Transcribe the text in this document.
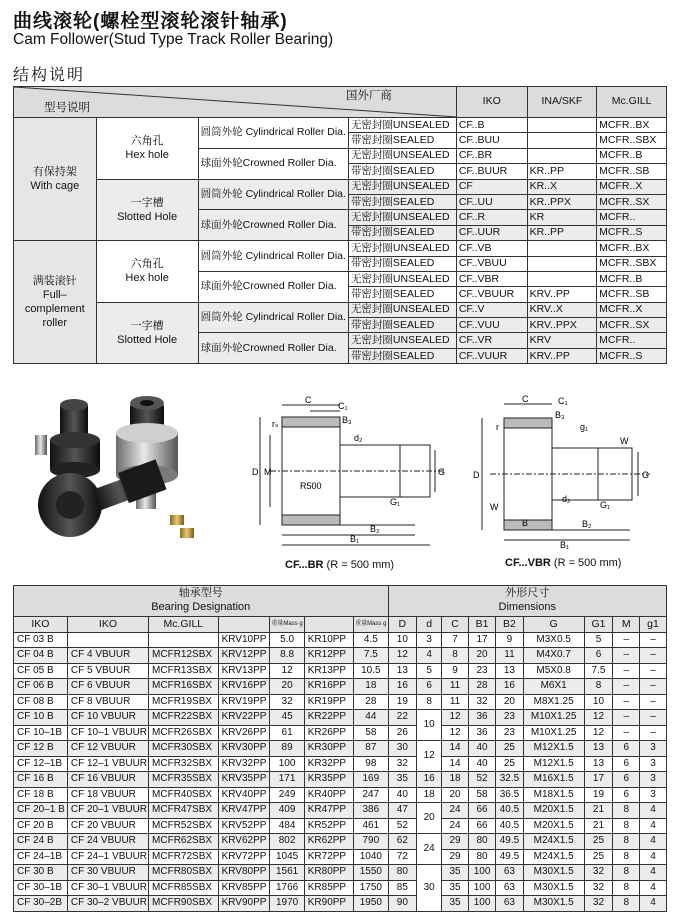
曲线滚轮(螺栓型滚轮滚针轴承)
Cam Follower(Stud Type Track Roller Bearing)
结构说明
型号说明
国外厂商				IKO	INA/SKF	Mc.GILL
有保持架
With cage	六角孔
Hex hole	圆筒外轮 Cylindrical Roller Dia.	无密封圈UNSEALED	CF..B		MCFR..BX
			带密封圈SEALED	CF..BUU		MCFR..SBX
		球面外轮Crowned Roller Dia.	无密封圈UNSEALED	CF..BR		MCFR..B
			带密封圈SEALED	CF..BUUR	KR..PP	MCFR..SB
	一字槽
Slotted Hole	圆筒外轮 Cylindrical Roller Dia.	无密封圈UNSEALED	CF	KR..X	MCFR..X
			带密封圈SEALED	CF..UU	KR..PPX	MCFR..SX
		球面外轮Crowned Roller Dia.	无密封圈UNSEALED	CF..R	KR	MCFR..
			带密封圈SEALED	CF..UUR	KR..PP	MCFR..S
满装滚针
Full–
complement
roller	六角孔
Hex hole	圆筒外轮 Cylindrical Roller Dia.	无密封圈UNSEALED	CF..VB		MCFR..BX
			带密封圈SEALED	CF..VBUU		MCFR..SBX
		球面外轮Crowned Roller Dia.	无密封圈UNSEALED	CF..VBR		MCFR..B
			带密封圈SEALED	CF..VBUUR	KRV..PP	MCFR..SB
	一字槽
Slotted Hole	圆筒外轮 Cylindrical Roller Dia.	无密封圈UNSEALED	CF..V	KRV..X	MCFR..X
			带密封圈SEALED	CF..VUU	KRV..PPX	MCFR..SX
		球面外轮Crowned Roller Dia.	无密封圈UNSEALED	CF..VR	KRV	MCFR..
			带密封圈SEALED	CF..VUUR	KRV..PP	MCFR..S
C
C₁
B₃
rₛ
d₂
D M
R500
G₁
G
B₂
B₁
CF...BR (R = 500 mm)
C	C₁
B₃
g₁
r
W
D	G
W
d₂
G₁
B	B₂
B₁
CF...VBR (R = 500 mm)
轴承型号
Bearing Designation							外形尺寸
Dimensions								
IKO	IKO	Mc.GILL		重量Mass g		重量Mass g	D	d	C	B1	B2	G	G1	M	g1
CF 03 B			KRV10PP	5.0	KR10PP	4.5	10	3	7	17	9	M3X0.5	5	–	–
CF 04 B	CF 4 VBUUR	MCFR12SBX	KRV12PP	8.8	KR12PP	7.5	12	4	8	20	11	M4X0.7	6	–	–
CF 05 B	CF 5 VBUUR	MCFR13SBX	KRV13PP	12	KR13PP	10.5	13	5	9	23	13	M5X0.8	7.5	–	–
CF 06 B	CF 6 VBUUR	MCFR16SBX	KRV16PP	20	KR16PP	18	16	6	11	28	16	M6X1	8	–	–
CF 08 B	CF 8 VBUUR	MCFR19SBX	KRV19PP	32	KR19PP	28	19	8	11	32	20	M8X1.25	10	–	–
CF 10 B	CF 10 VBUUR	MCFR22SBX	KRV22PP	45	KR22PP	44	22	10	12	36	23	M10X1.25	12	–	–
CF 10–1B	CF 10–1 VBUUR	MCFR26SBX	KRV26PP	61	KR26PP	58	26		12	36	23	M10X1.25	12	–	–
CF 12 B	CF 12 VBUUR	MCFR30SBX	KRV30PP	89	KR30PP	87	30	12	14	40	25	M12X1.5	13	6	3
CF 12–1B	CF 12–1 VBUUR	MCFR32SBX	KRV32PP	100	KR32PP	98	32		14	40	25	M12X1.5	13	6	3
CF 16 B	CF 16 VBUUR	MCFR35SBX	KRV35PP	171	KR35PP	169	35	16	18	52	32.5	M16X1.5	17	6	3
CF 18 B	CF 18 VBUUR	MCFR40SBX	KRV40PP	249	KR40PP	247	40	18	20	58	36.5	M18X1.5	19	6	3
CF 20–1 B	CF 20–1 VBUUR	MCFR47SBX	KRV47PP	409	KR47PP	386	47	20	24	66	40.5	M20X1.5	21	8	4
CF 20 B	CF 20 VBUUR	MCFR52SBX	KRV52PP	484	KR52PP	461	52		24	66	40.5	M20X1.5	21	8	4
CF 24 B	CF 24 VBUUR	MCFR62SBX	KRV62PP	802	KR62PP	790	62	24	29	80	49.5	M24X1.5	25	8	4
CF 24–1B	CF 24–1 VBUUR	MCFR72SBX	KRV72PP	1045	KR72PP	1040	72		29	80	49.5	M24X1.5	25	8	4
CF 30 B	CF 30 VBUUR	MCFR80SBX	KRV80PP	1561	KR80PP	1550	80	30	35	100	63	M30X1.5	32	8	4
CF 30–1B	CF 30–1 VBUUR	MCFR85SBX	KRV85PP	1766	KR85PP	1750	85		35	100	63	M30X1.5	32	8	4
CF 30–2B	CF 30–2 VBUUR	MCFR90SBX	KRV90PP	1970	KR90PP	1950	90		35	100	63	M30X1.5	32	8	4
